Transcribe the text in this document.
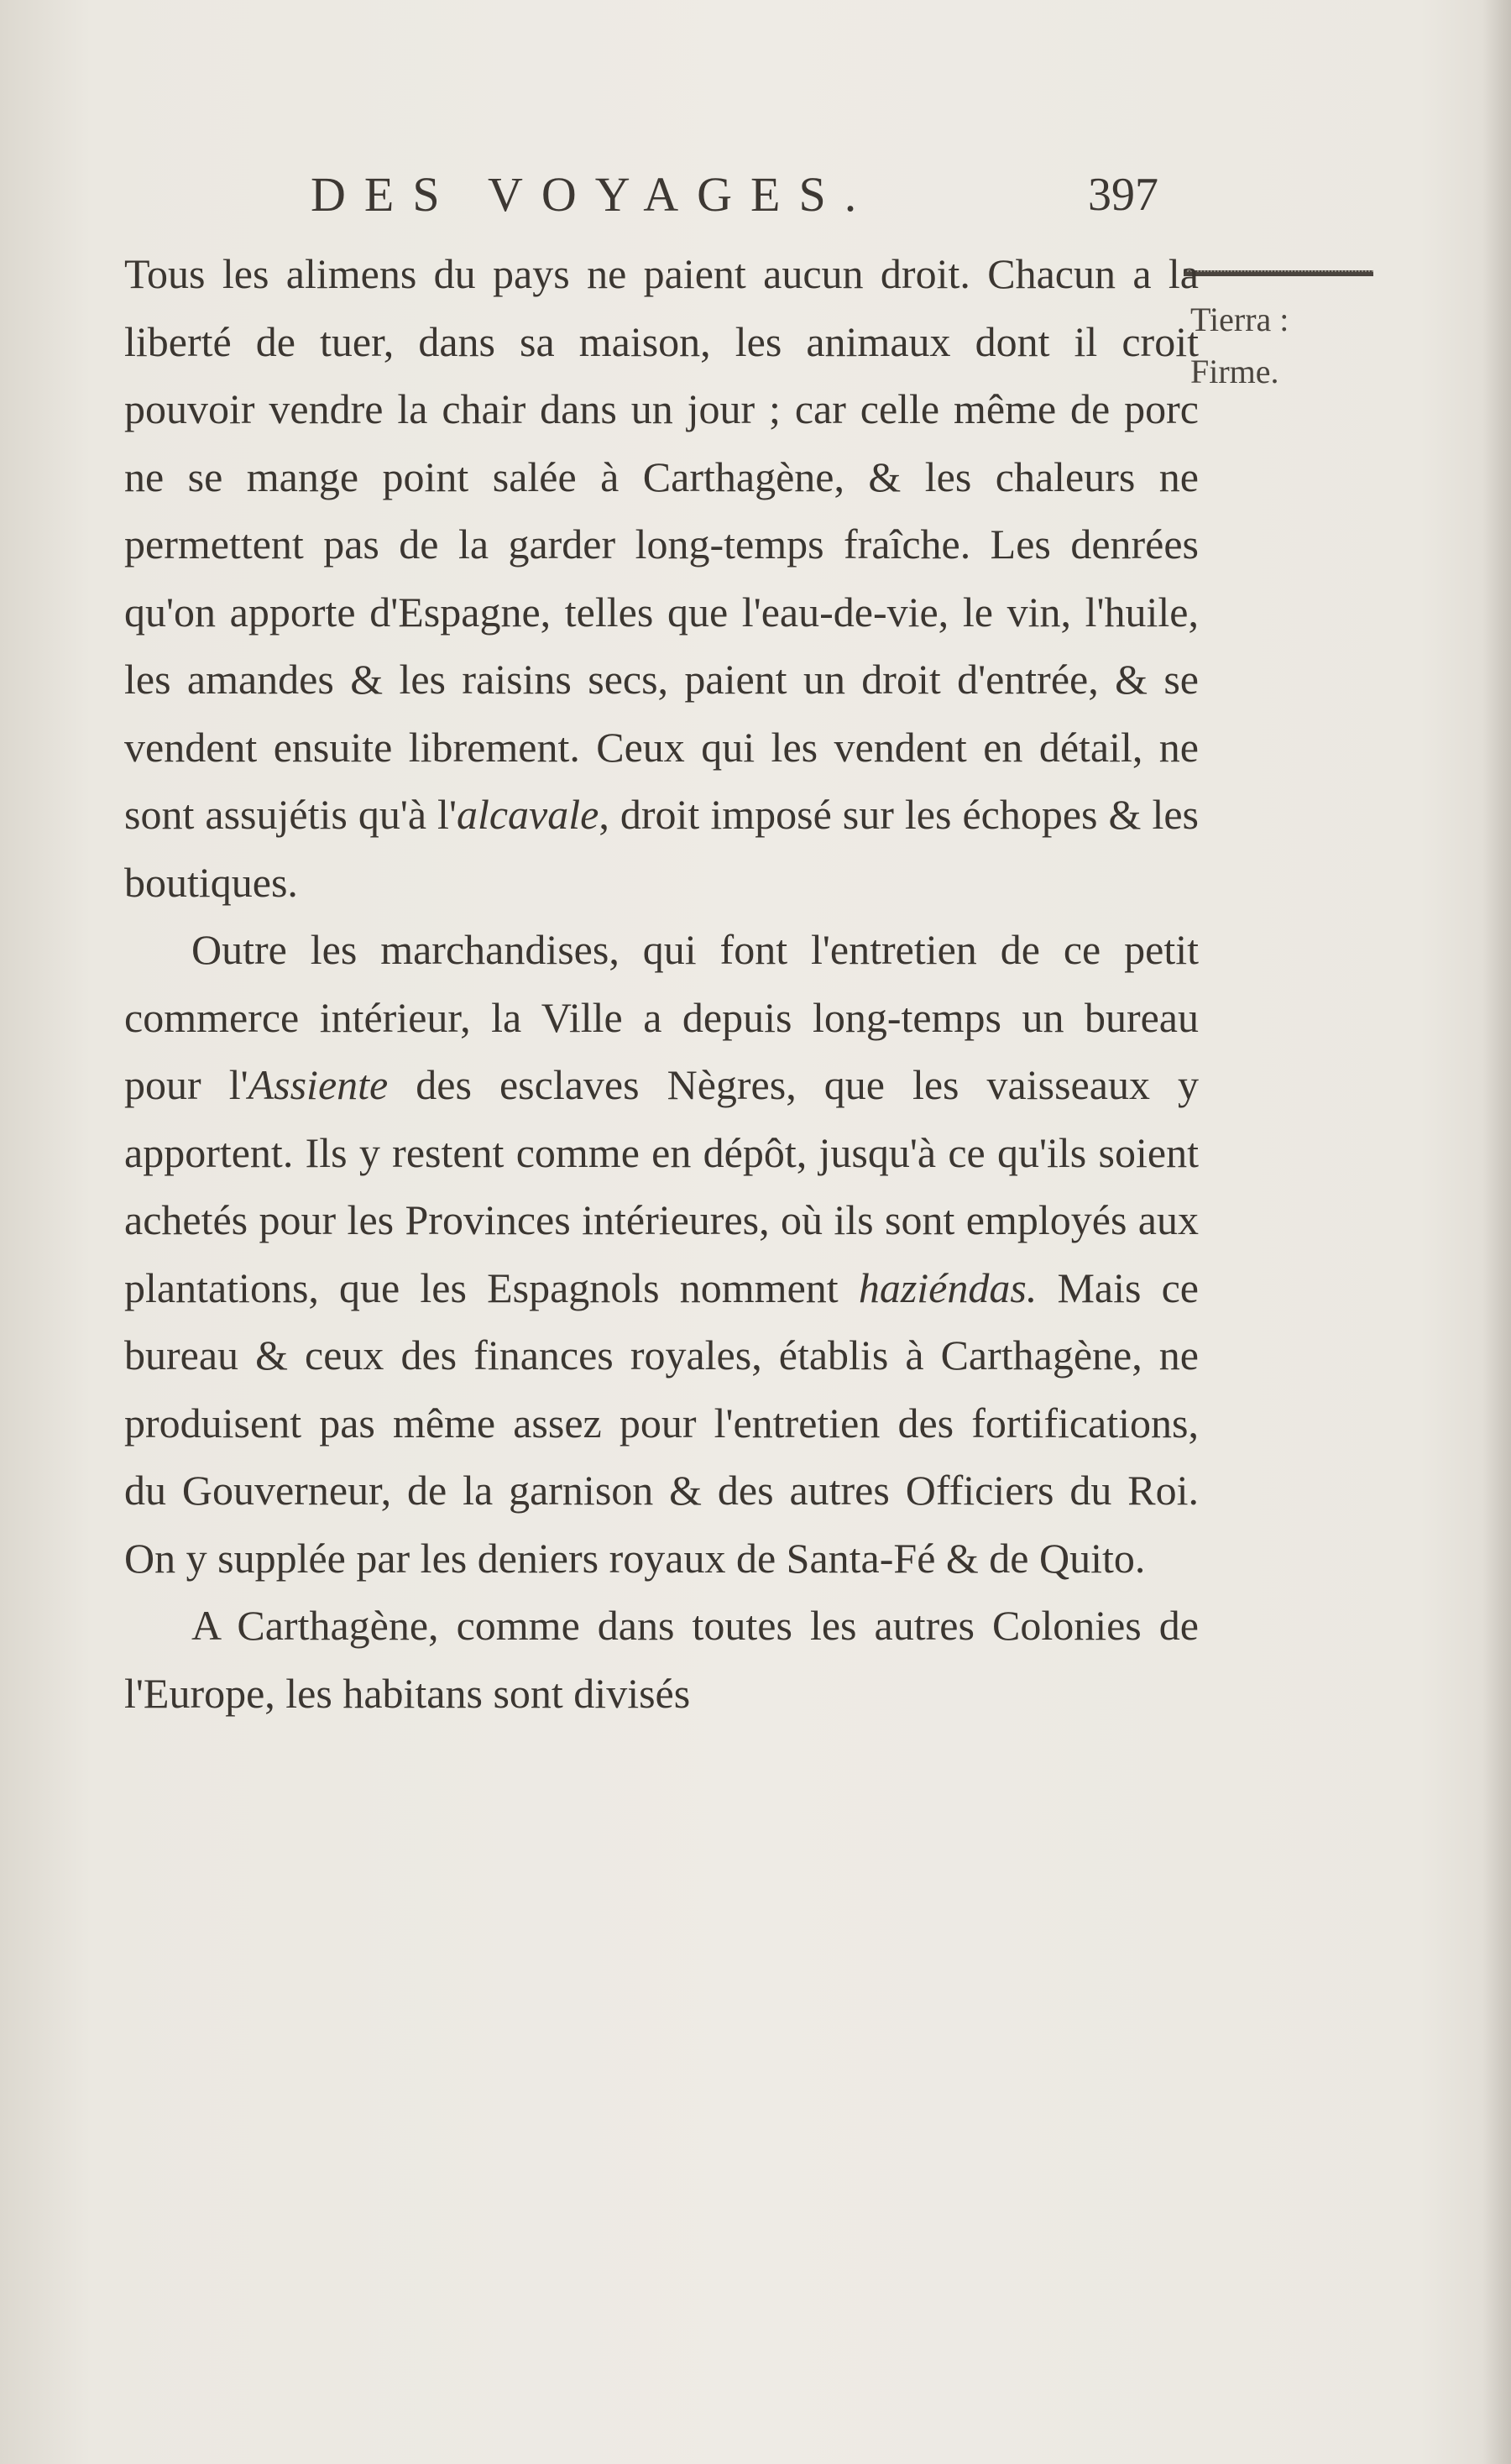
DES VOYAGES.	397
Tierra :
Firme.

Tous les alimens du pays ne paient aucun droit. Chacun a la liberté de tuer, dans sa maison, les animaux dont il croit pouvoir vendre la chair dans un jour ; car celle même de porc ne se mange point salée à Carthagène, & les chaleurs ne permettent pas de la garder long-temps fraîche. Les denrées qu'on apporte d'Espagne, telles que l'eau-de-vie, le vin, l'huile, les amandes & les raisins secs, paient un droit d'entrée, & se vendent ensuite librement. Ceux qui les vendent en détail, ne sont assujétis qu'à l'alcavale, droit imposé sur les échopes & les boutiques.

Outre les marchandises, qui font l'entretien de ce petit commerce intérieur, la Ville a depuis long-temps un bureau pour l'Assiente des esclaves Nègres, que les vaisseaux y apportent. Ils y restent comme en dépôt, jusqu'à ce qu'ils soient achetés pour les Provinces intérieures, où ils sont employés aux plantations, que les Espagnols nomment haziéndas. Mais ce bureau & ceux des finances royales, établis à Carthagène, ne produisent pas même assez pour l'entretien des fortifications, du Gouverneur, de la garnison & des autres Officiers du Roi. On y supplée par les deniers royaux de Santa-Fé & de Quito.

A Carthagène, comme dans toutes les autres Colonies de l'Europe, les habitans sont divisés
